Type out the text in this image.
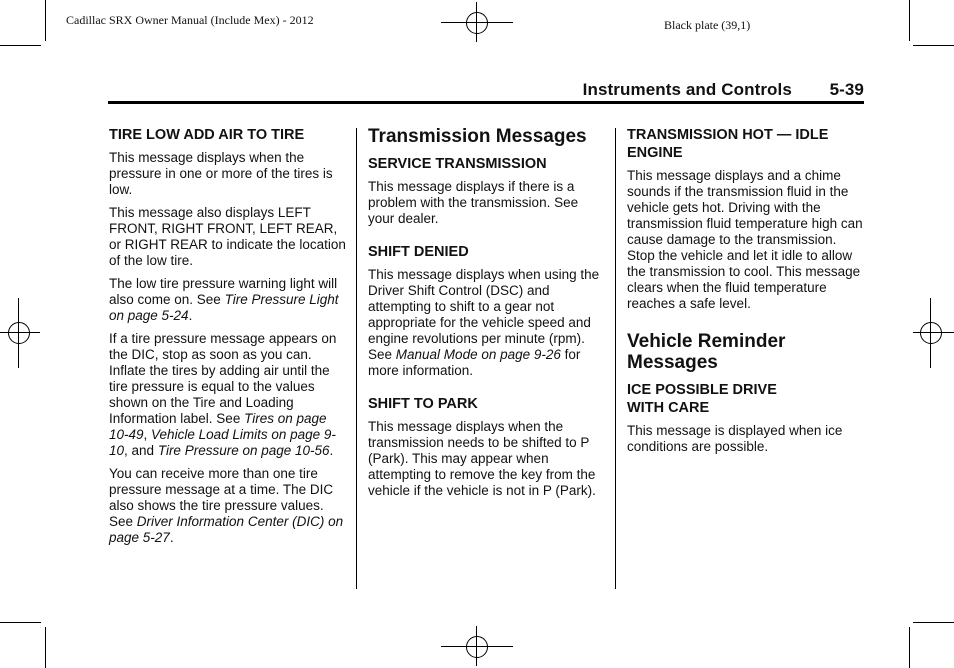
Cadillac SRX Owner Manual (Include Mex) - 2012	Black plate (39,1)
Instruments and Controls 5-39
TIRE LOW ADD AIR TO TIRE

This message displays when the pressure in one or more of the tires is low.

This message also displays LEFT FRONT, RIGHT FRONT, LEFT REAR, or RIGHT REAR to indicate the location of the low tire.

The low tire pressure warning light will also come on. See Tire Pressure Light on page 5-24.

If a tire pressure message appears on the DIC, stop as soon as you can. Inflate the tires by adding air until the tire pressure is equal to the values shown on the Tire and Loading Information label. See Tires on page 10-49, Vehicle Load Limits on page 9-10, and Tire Pressure on page 10-56.

You can receive more than one tire pressure message at a time. The DIC also shows the tire pressure values. See Driver Information Center (DIC) on page 5-27.

Transmission Messages
SERVICE TRANSMISSION

This message displays if there is a problem with the transmission. See your dealer.

SHIFT DENIED

This message displays when using the Driver Shift Control (DSC) and attempting to shift to a gear not appropriate for the vehicle speed and engine revolutions per minute (rpm). See Manual Mode on page 9-26 for more information.

SHIFT TO PARK

This message displays when the transmission needs to be shifted to P (Park). This may appear when attempting to remove the key from the vehicle if the vehicle is not in P (Park).

TRANSMISSION HOT — IDLE ENGINE

This message displays and a chime sounds if the transmission fluid in the vehicle gets hot. Driving with the transmission fluid temperature high can cause damage to the transmission. Stop the vehicle and let it idle to allow the transmission to cool. This message clears when the fluid temperature reaches a safe level.

Vehicle Reminder Messages
ICE POSSIBLE DRIVE WITH CARE

This message is displayed when ice conditions are possible.
